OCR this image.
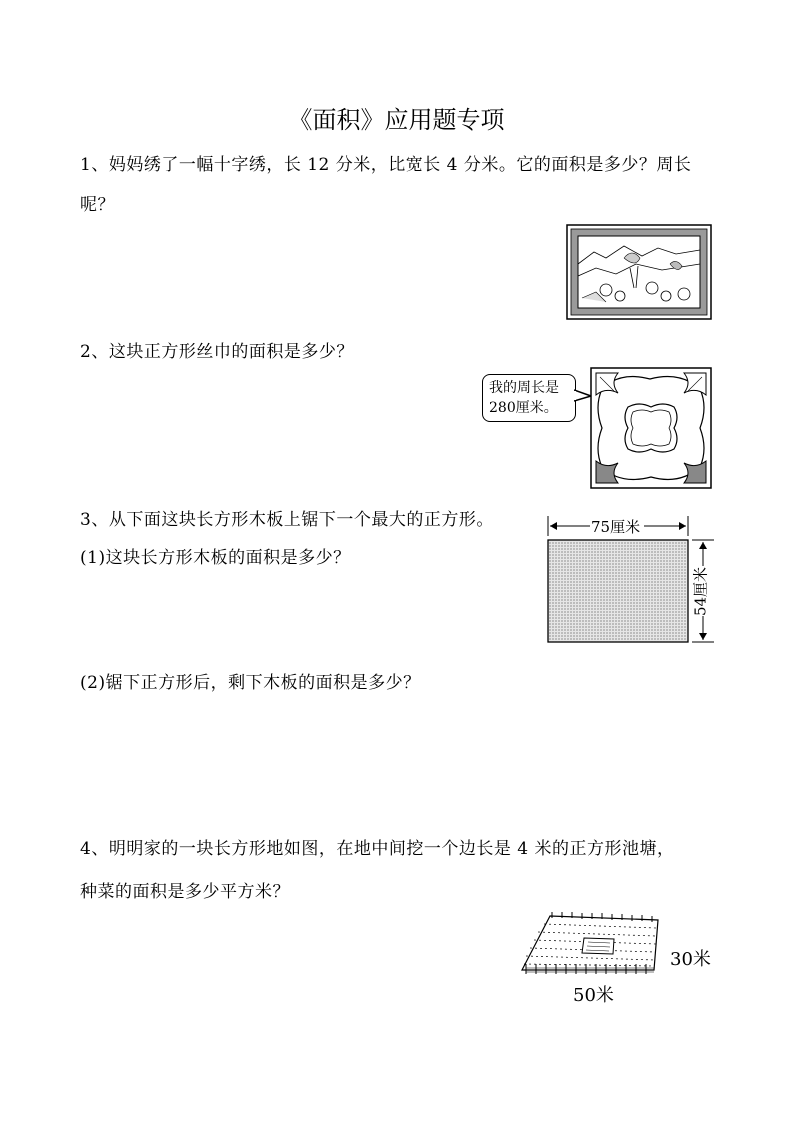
《面积》应用题专项
1、妈妈绣了一幅十字绣，长 12 分米，比宽长 4 分米。它的面积是多少？周长
呢？
2、这块正方形丝巾的面积是多少？
我的周长是
280厘米。
3、从下面这块长方形木板上锯下一个最大的正方形。
(1)这块长方形木板的面积是多少？
(2)锯下正方形后，剩下木板的面积是多少？
75厘米
54厘米
4、明明家的一块长方形地如图，在地中间挖一个边长是 4 米的正方形池塘，
种菜的面积是多少平方米？
30米
50米
